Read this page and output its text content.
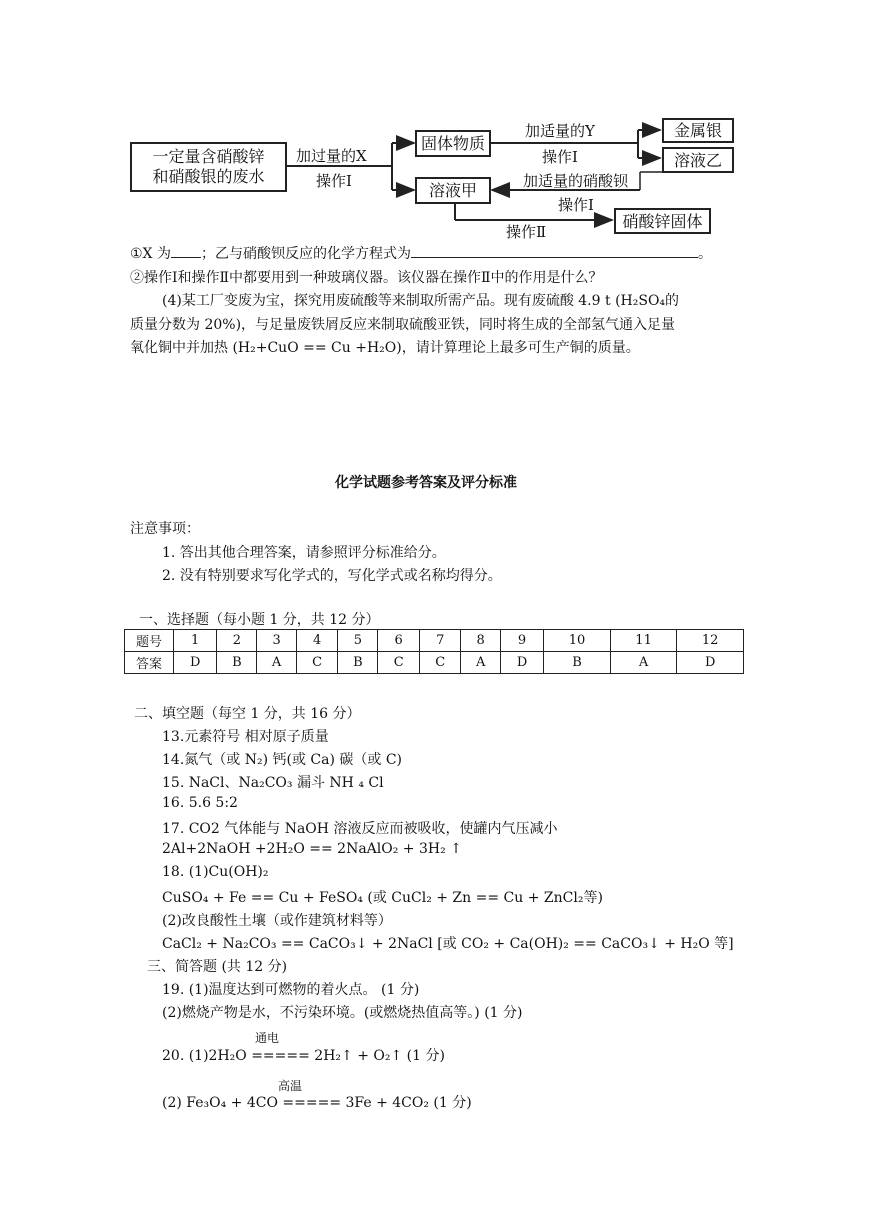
一定量含硝酸锌
和硝酸银的废水
加过量的X
操作Ⅰ
固体物质
加适量的Y
操作Ⅰ
金属银
溶液乙
溶液甲	加适量的硝酸钡
操作Ⅰ
操作Ⅱ
硝酸锌固体
①X 为 ；乙与硝酸钡反应的化学方程式为	。
②操作Ⅰ和操作Ⅱ中都要用到一种玻璃仪器。该仪器在操作Ⅱ中的作用是什么？
(4)某工厂变废为宝，探究用废硫酸等来制取所需产品。现有废硫酸 4.9 t (H₂SO₄的
质量分数为 20%)，与足量废铁屑反应来制取硫酸亚铁，同时将生成的全部氢气通入足量
氧化铜中并加热 (H₂+CuO == Cu +H₂O)，请计算理论上最多可生产铜的质量。
化学试题参考答案及评分标准
注意事项：
1. 答出其他合理答案，请参照评分标准给分。
2. 没有特别要求写化学式的，写化学式或名称均得分。
一、选择题（每小题 1 分，共 12 分）
题号	1	2	3	4	5	6	7	8	9	10	11	12
答案	D	B	A	C	B	C	C	A	D	B	A	D
二、填空题（每空 1 分，共 16 分）
13.元素符号 相对原子质量
14.氮气（或 N₂) 钙(或 Ca) 碳（或 C)
15. NaCl、Na₂CO₃ 漏斗 NH ₄ Cl
16. 5.6 5:2
17. CO2 气体能与 NaOH 溶液反应而被吸收，使罐内气压减小
2Al+2NaOH +2H₂O == 2NaAlO₂ + 3H₂ ↑
18. (1)Cu(OH)₂
CuSO₄ + Fe == Cu + FeSO₄ (或 CuCl₂ + Zn == Cu + ZnCl₂等)
(2)改良酸性土壤（或作建筑材料等）
CaCl₂ + Na₂CO₃ == CaCO₃↓ + 2NaCl [或 CO₂ + Ca(OH)₂ == CaCO₃↓ + H₂O 等]
三、简答题 (共 12 分)
19. (1)温度达到可燃物的着火点。 (1 分)
(2)燃烧产物是水，不污染环境。(或燃烧热值高等。) (1 分)
通电
20. (1)2H₂O ===== 2H₂↑ + O₂↑ (1 分)
高温
(2) Fe₃O₄ + 4CO ===== 3Fe + 4CO₂ (1 分)
